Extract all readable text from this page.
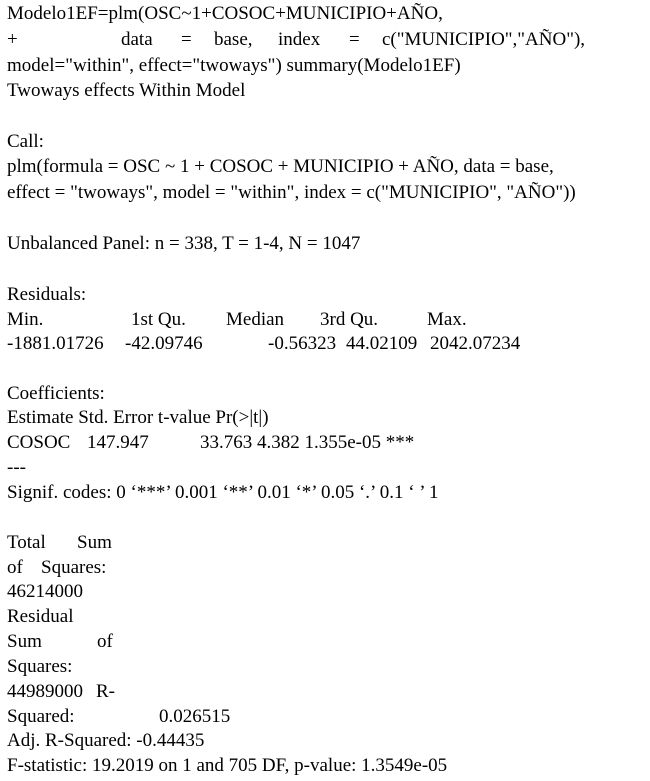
Modelo1EF=plm(OSC~1+COSOC+MUNICIPIO+AÑO,
+	data = base, index = c("MUNICIPIO","AÑO"),
model="within", effect="twoways") summary(Modelo1EF)
Twoways effects Within Model
Call:
plm(formula = OSC ~ 1 + COSOC + MUNICIPIO + AÑO, data = base,
effect = "twoways", model = "within", index = c("MUNICIPIO", "AÑO"))
Unbalanced Panel: n = 338, T = 1-4, N = 1047
Residuals:
Min.	1st Qu. Median 3rd Qu.	Max.
-1881.01726 -42.09746	-0.56323 44.02109 2042.07234
Coefficients:
Estimate Std. Error t-value Pr(>|t|)
COSOC 147.947	33.763 4.382 1.355e-05 ***
---
Signif. codes: 0 ‘***’ 0.001 ‘**’ 0.01 ‘*’ 0.05 ‘.’ 0.1 ‘ ’ 1
Total Sum
of Squares:
46214000
Residual
Sum	of
Squares:
44989000 R-
Squared:	0.026515
Adj. R-Squared: -0.44435
F-statistic: 19.2019 on 1 and 705 DF, p-value: 1.3549e-05
